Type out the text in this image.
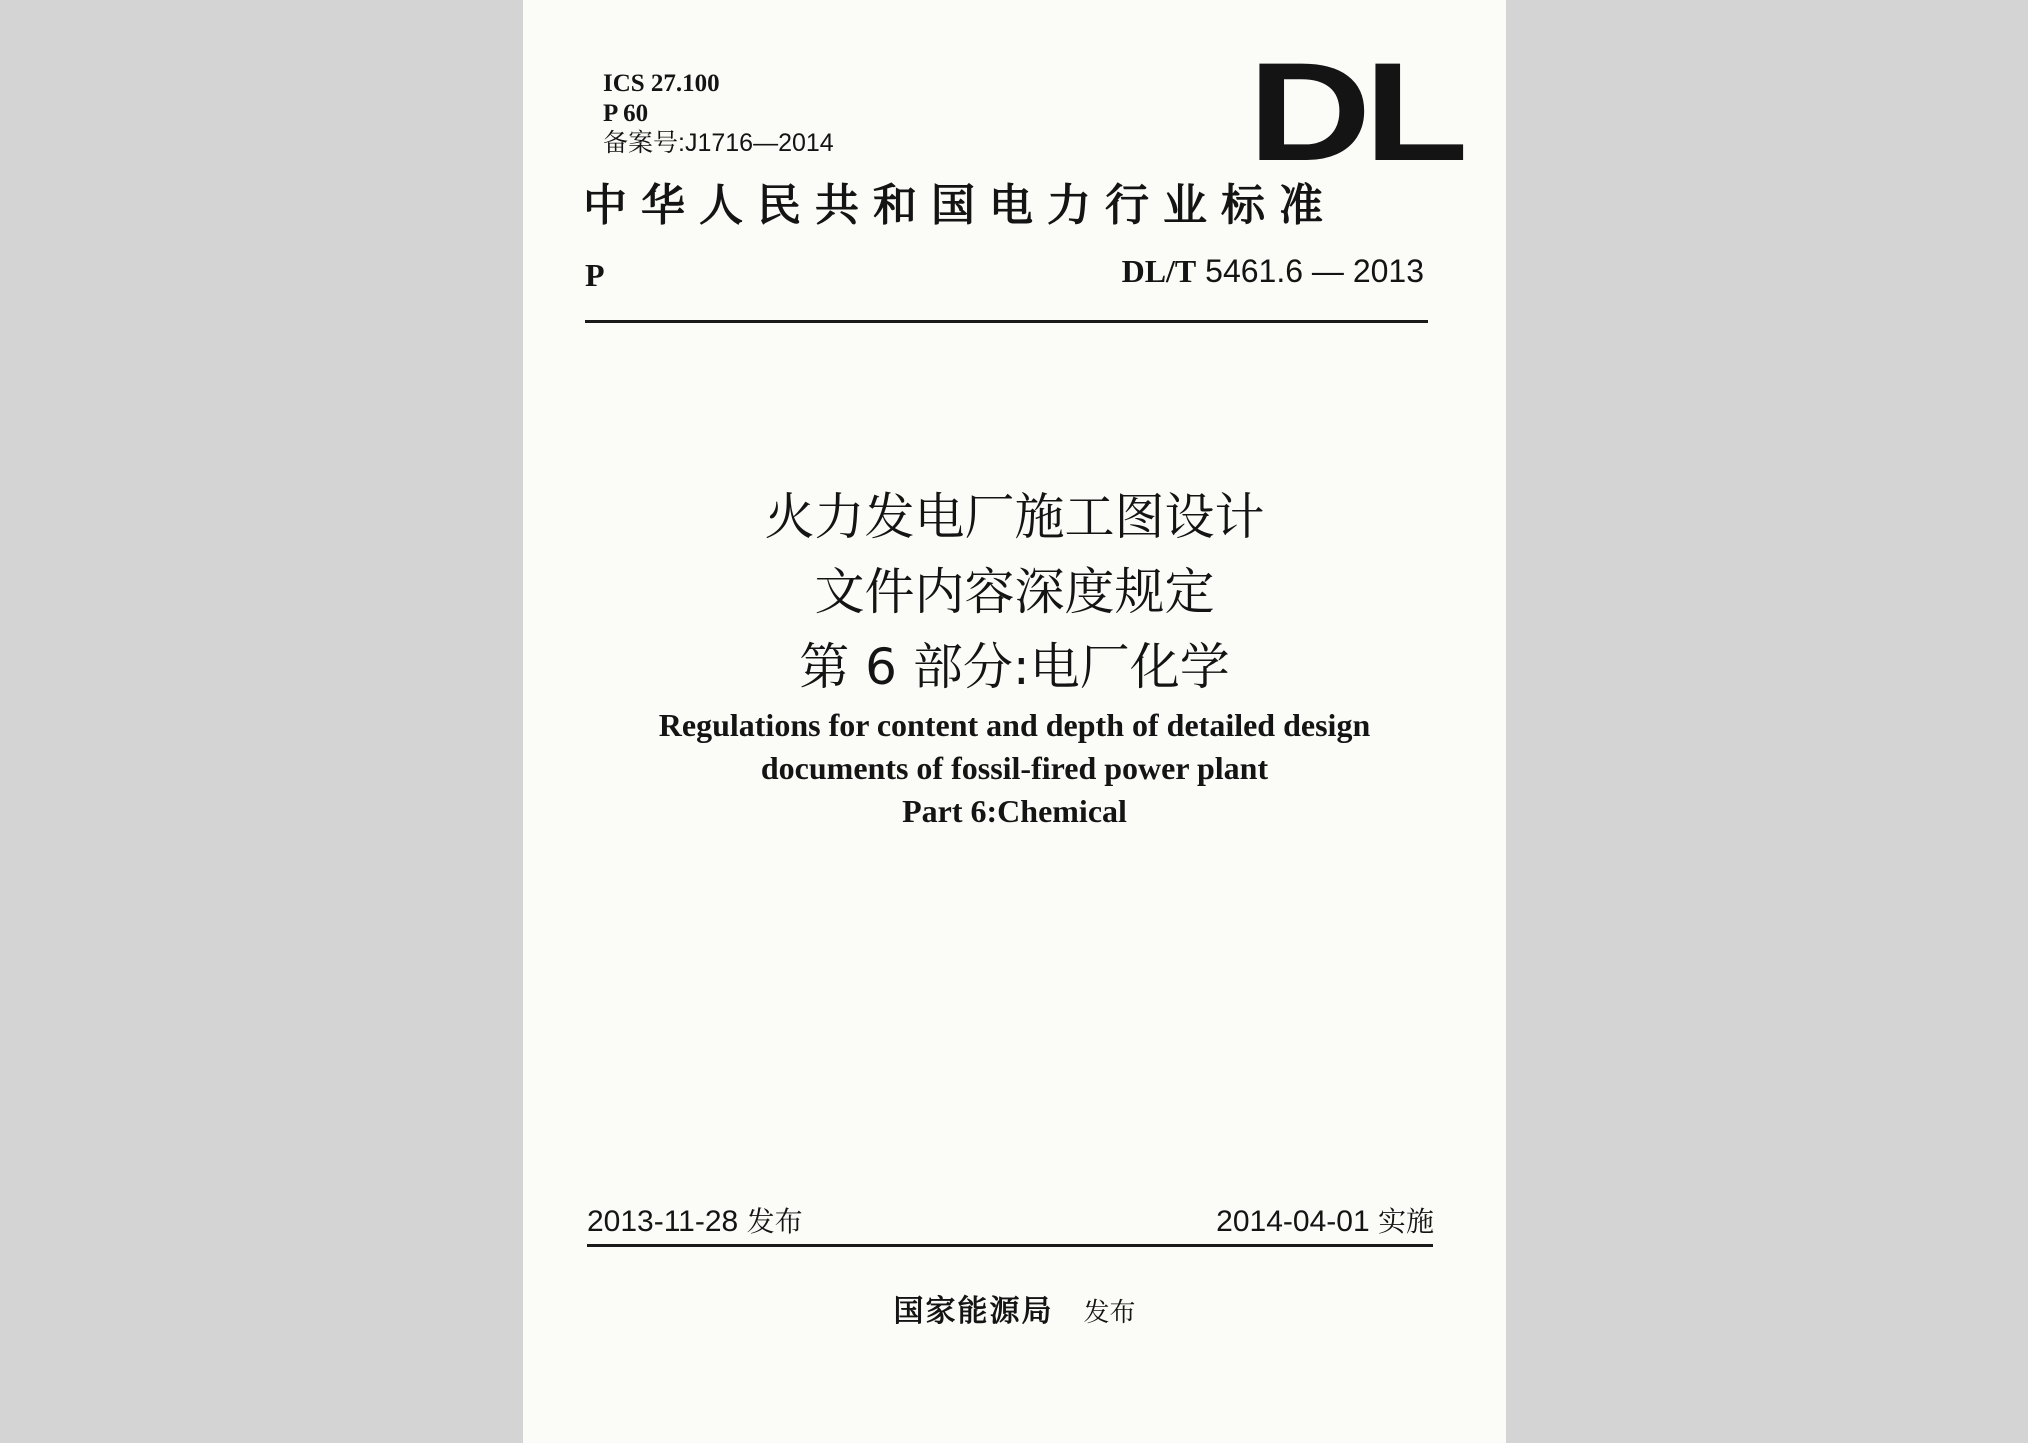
ICS 27.100
P 60
备案号:J1716—2014	DL
中华人民共和国电力行业标准
P	DL/T 5461.6 — 2013
火力发电厂施工图设计
文件内容深度规定
第 6 部分:电厂化学
Regulations for content and depth of detailed design
documents of fossil-fired power plant
Part 6:Chemical
2013-11-28 发布	2014-04-01 实施
国家能源局 发布
